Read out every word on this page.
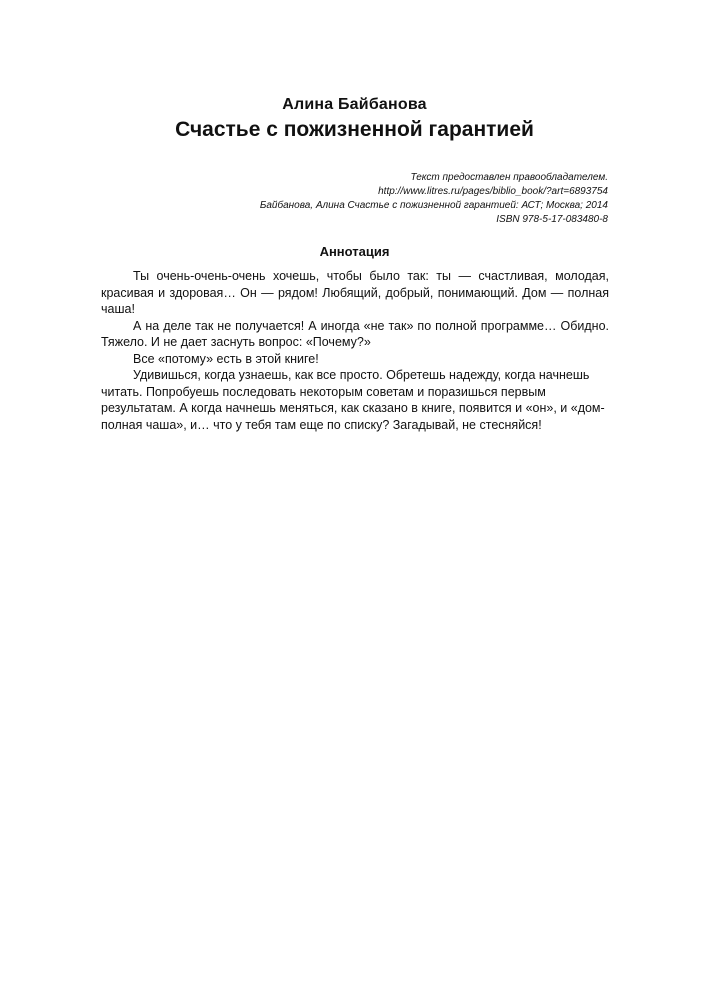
Алина Байбанова
Счастье с пожизненной гарантией
Текст предоставлен правообладателем.
http://www.litres.ru/pages/biblio_book/?art=6893754
Байбанова, Алина Счастье с пожизненной гарантией: АСТ; Москва; 2014
ISBN 978-5-17-083480-8
Аннотация

Ты очень-очень-очень хочешь, чтобы было так: ты — счастливая, молодая, красивая и здоровая… Он — рядом! Любящий, добрый, понимающий. Дом — полная чаша!

А на деле так не получается! А иногда «не так» по полной программе… Обидно. Тяжело. И не дает заснуть вопрос: «Почему?»

Все «потому» есть в этой книге!

Удивишься, когда узнаешь, как все просто. Обретешь надежду, когда начнешь читать. Попробуешь последовать некоторым советам и поразишься первым результатам. А когда начнешь меняться, как сказано в книге, появится и «он», и «дом-полная чаша», и… что у тебя там еще по списку? Загадывай, не стесняйся!
